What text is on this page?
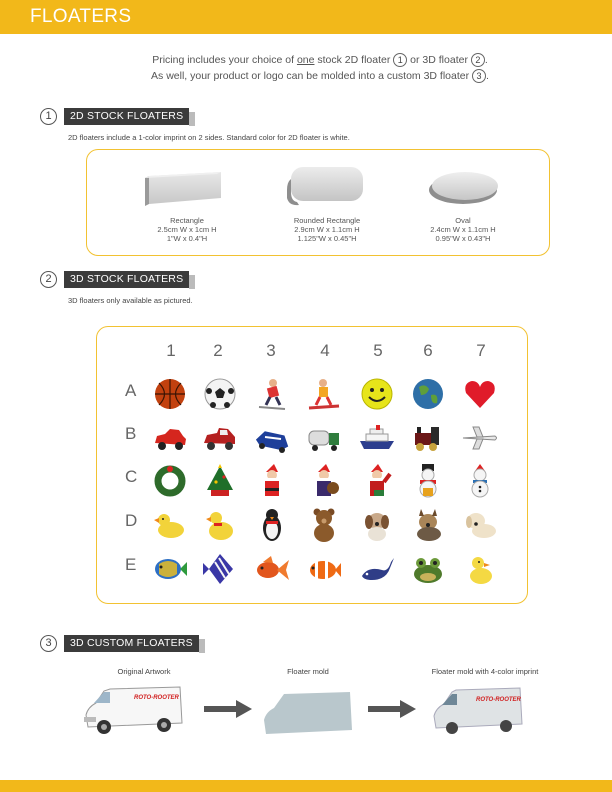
FLOATERS
Pricing includes your choice of one stock 2D floater 1 or 3D floater 2 .
As well, your product or logo can be molded into a custom 3D floater 3 .
1	2D STOCK FLOATERS
2D floaters include a 1-color imprint on 2 sides. Standard color for 2D floater is white.
Rectangle
2.5cm W x 1cm H
1"W x 0.4"H
Rounded Rectangle
2.9cm W x 1.1cm H
1.125"W x 0.45"H
Oval
2.4cm W x 1.1cm H
0.95"W x 0.43"H
2	3D STOCK FLOATERS
3D floaters only available as pictured.
1	2	3	4	5	6	7
A
B
C
D
E
3	3D CUSTOM FLOATERS
Original Artwork	Floater mold	Floater mold with 4-color imprint
ROTO-ROOTER	ROTO-ROOTER
